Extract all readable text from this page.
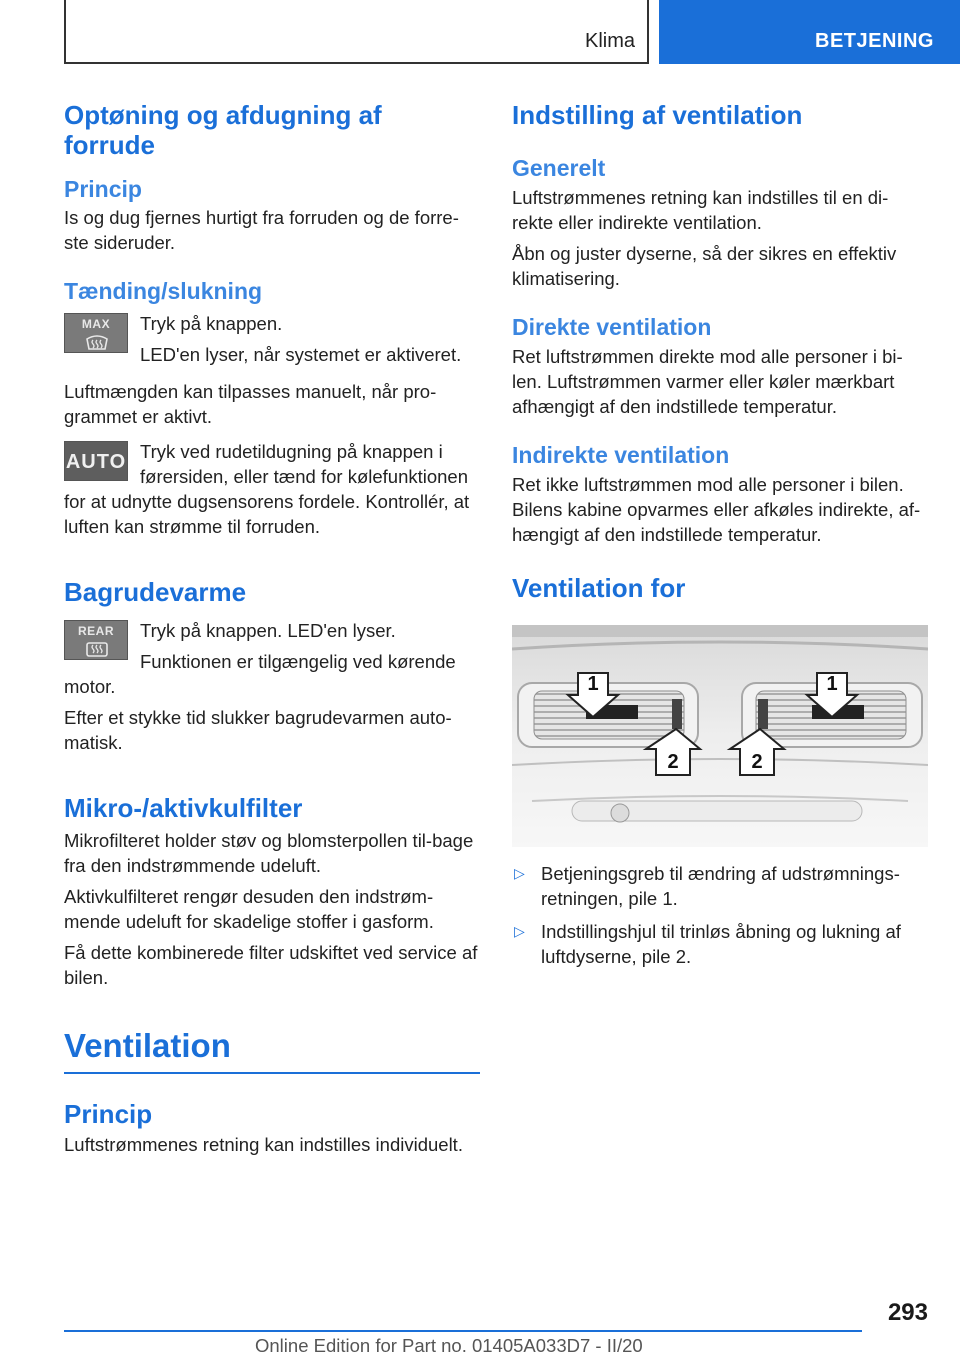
Klima	BETJENING
Optøning og afdugning af forrude
Princip

Is og dug fjernes hurtigt fra forruden og de forre-ste sideruder.

Tænding/slukning
MAX	Tryk på knappen.

LED'en lyser, når systemet er aktiveret.

Luftmængden kan tilpasses manuelt, når pro-grammet er aktivt.

AUTO Tryk ved rudetildugning på knappen i førersiden, eller tænd for kølefunktionen for at udnytte dugsensorens fordele. Kontrollér, at luften kan strømme til forruden.

Bagrudevarme
REAR	Tryk på knappen. LED'en lyser.

Funktionen er tilgængelig ved kørende motor.

Efter et stykke tid slukker bagrudevarmen auto-matisk.

Mikro-/aktivkulfilter

Mikrofilteret holder støv og blomsterpollen til-bage fra den indstrømmende udeluft.

Aktivkulfilteret rengør desuden den indstrøm-mende udeluft for skadelige stoffer i gasform.

Få dette kombinerede filter udskiftet ved service af bilen.

Ventilation
Princip

Luftstrømmenes retning kan indstilles individuelt.

Indstilling af ventilation
Generelt

Luftstrømmenes retning kan indstilles til en di-rekte eller indirekte ventilation.

Åbn og juster dyserne, så der sikres en effektiv klimatisering.

Direkte ventilation

Ret luftstrømmen direkte mod alle personer i bi-len. Luftstrømmen varmer eller køler mærkbart afhængigt af den indstillede temperatur.

Indirekte ventilation

Ret ikke luftstrømmen mod alle personer i bilen. Bilens kabine opvarmes eller afkøles indirekte, af-hængigt af den indstillede temperatur.

Ventilation for
1
2
1
2
▷ Betjeningsgreb til ændring af udstrømnings-retningen, pile 1.
▷ Indstillingshjul til trinløs åbning og lukning af luftdyserne, pile 2.
293
Online Edition for Part no. 01405A033D7 - II/20
